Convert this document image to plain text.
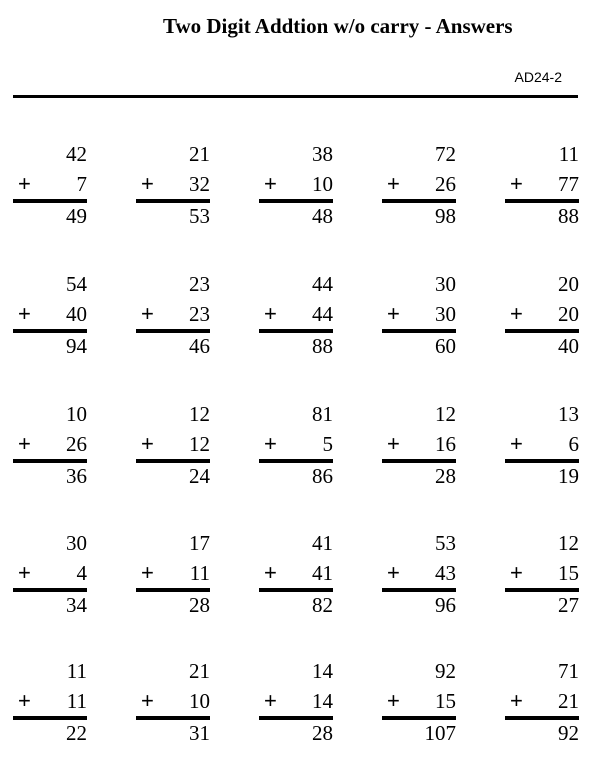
Two Digit Addtion w/o carry - Answers
AD24-2
42
+ 7
49
21
+ 32
53
38
+ 10
48
72
+ 26
98
11
+ 77
88
54
+ 40
94
23
+ 23
46
44
+ 44
88
30
+ 30
60
20
+ 20
40
10
+ 26
36
12
+ 12
24
81
+ 5
86
12
+ 16
28
13
+ 6
19
30
+ 4
34
17
+ 11
28
41
+ 41
82
53
+ 43
96
12
+ 15
27
11
+ 11
22
21
+ 10
31
14
+ 14
28
92
+ 15
107
71
+ 21
92
